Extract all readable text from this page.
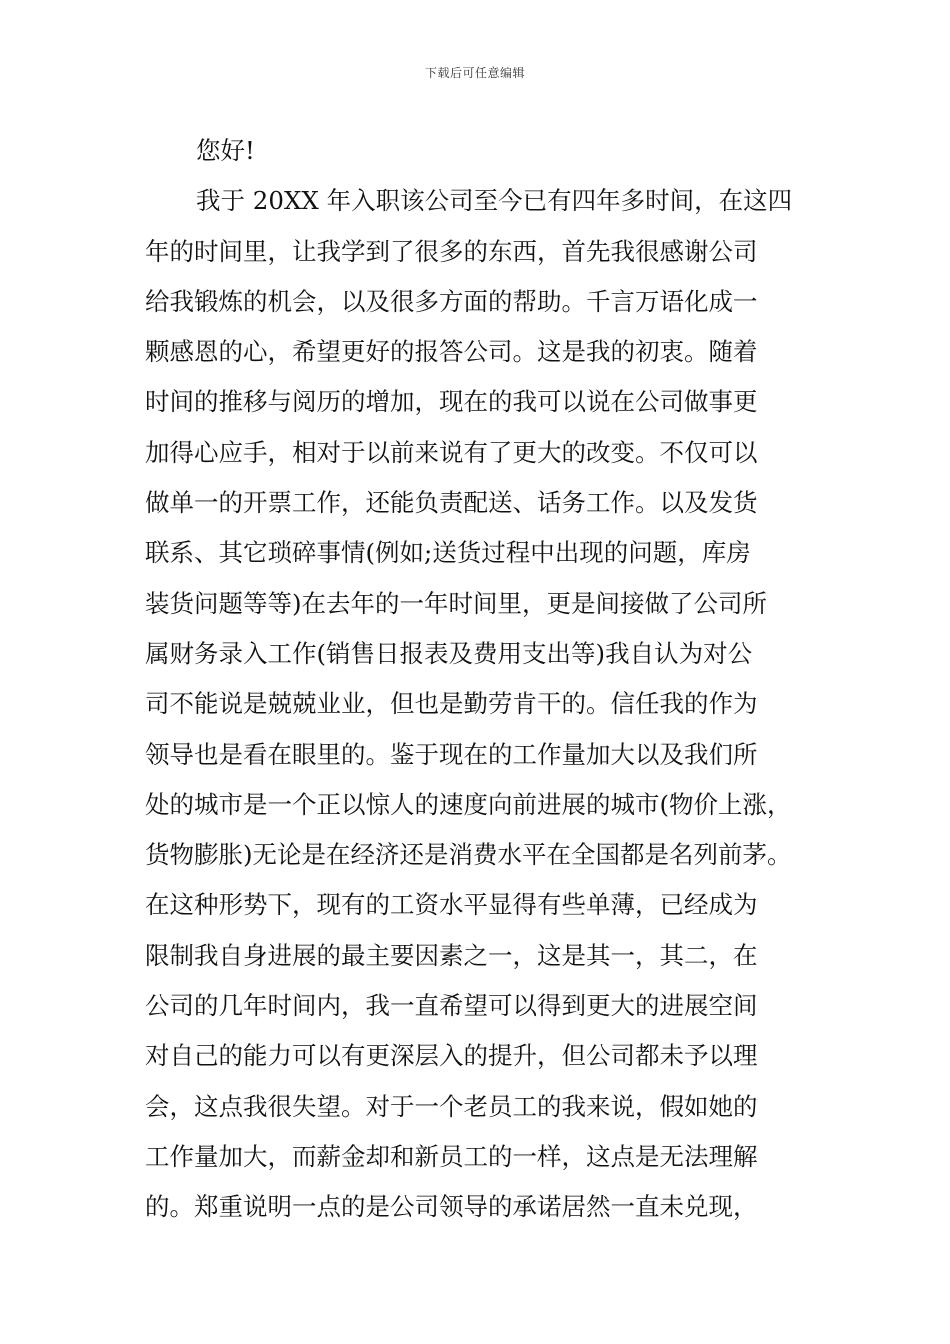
下载后可任意编辑
您好!
我于 20XX 年入职该公司至今已有四年多时间，在这四
年的时间里，让我学到了很多的东西，首先我很感谢公司
给我锻炼的机会，以及很多方面的帮助。千言万语化成一
颗感恩的心，希望更好的报答公司。这是我的初衷。随着
时间的推移与阅历的增加，现在的我可以说在公司做事更
加得心应手，相对于以前来说有了更大的改变。不仅可以
做单一的开票工作，还能负责配送、话务工作。以及发货
联系、其它琐碎事情(例如;送货过程中出现的问题，库房
装货问题等等)在去年的一年时间里，更是间接做了公司所
属财务录入工作(销售日报表及费用支出等)我自认为对公
司不能说是兢兢业业，但也是勤劳肯干的。信任我的作为
领导也是看在眼里的。鉴于现在的工作量加大以及我们所
处的城市是一个正以惊人的速度向前进展的城市(物价上涨，
货物膨胀)无论是在经济还是消费水平在全国都是名列前茅。
在这种形势下，现有的工资水平显得有些单薄，已经成为
限制我自身进展的最主要因素之一，这是其一，其二，在
公司的几年时间内，我一直希望可以得到更大的进展空间
对自己的能力可以有更深层入的提升，但公司都未予以理
会，这点我很失望。对于一个老员工的我来说，假如她的
工作量加大，而薪金却和新员工的一样，这点是无法理解
的。郑重说明一点的是公司领导的承诺居然一直未兑现，
